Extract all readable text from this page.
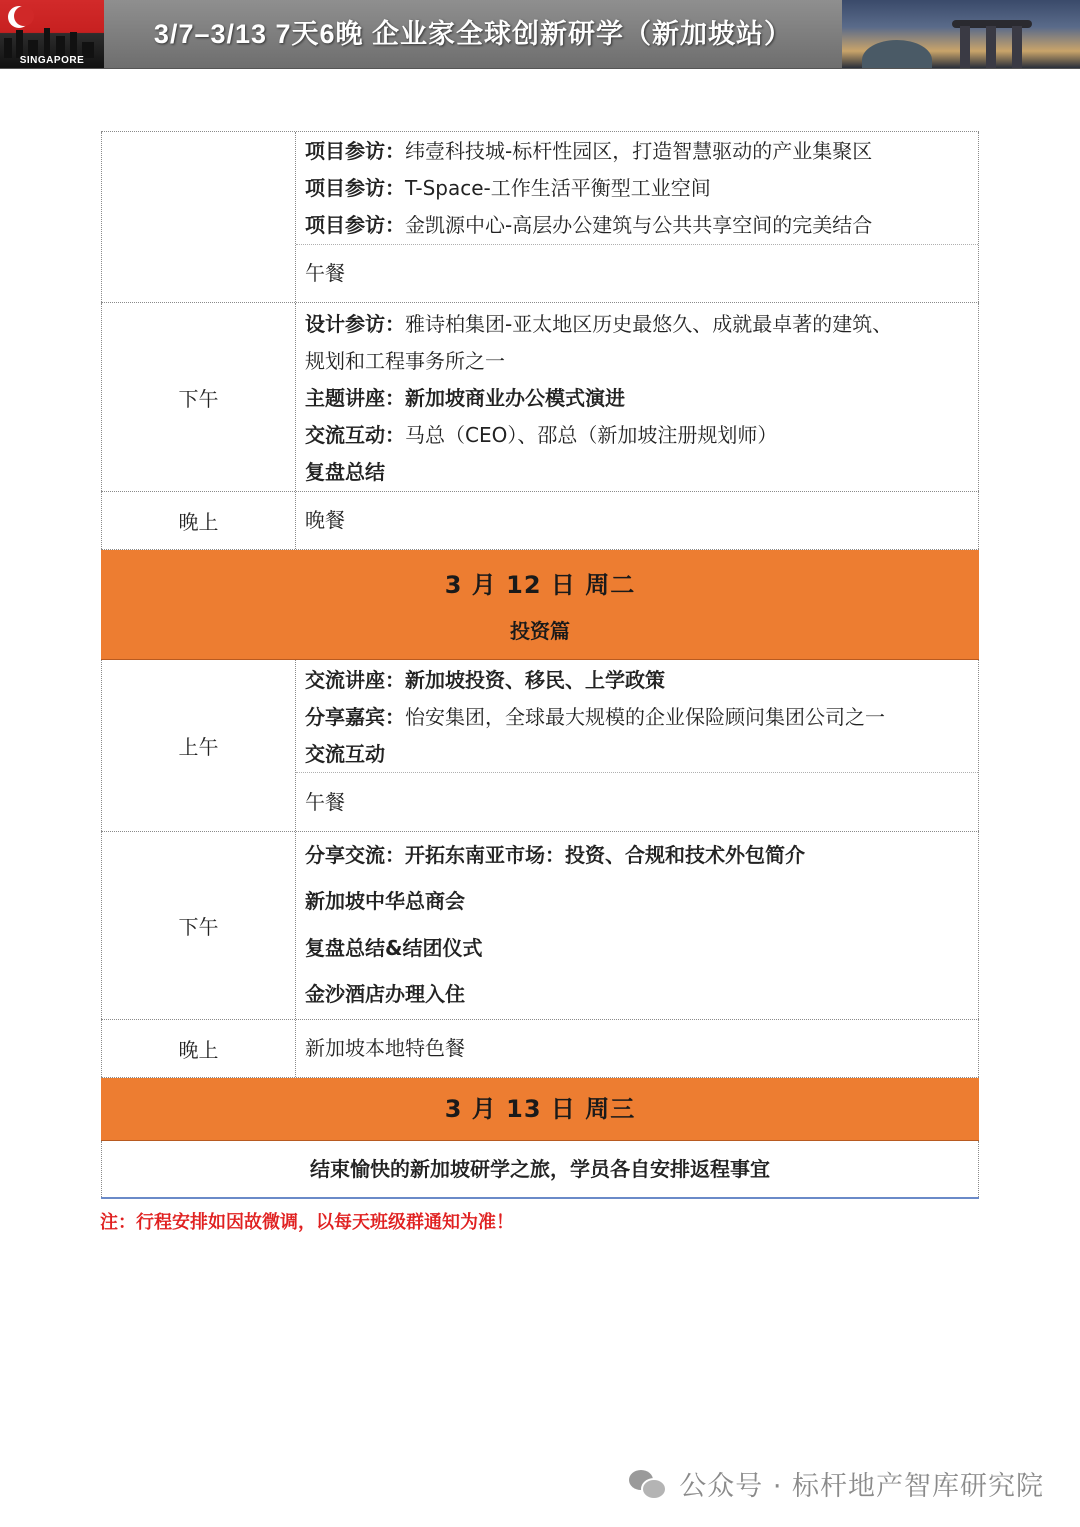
SINGAPORE
3/7–3/13 7天6晚 企业家全球创新研学（新加坡站）
项目参访：纬壹科技城-标杆性园区，打造智慧驱动的产业集聚区
项目参访：T-Space-工作生活平衡型工业空间
项目参访：金凯源中心-高层办公建筑与公共共享空间的完美结合
午餐
下午
设计参访：雅诗柏集团-亚太地区历史最悠久、成就最卓著的建筑、
规划和工程事务所之一
主题讲座：新加坡商业办公模式演进
交流互动：马总（CEO）、邵总（新加坡注册规划师）
复盘总结
晚上	晚餐
3 月 12 日 周二
投资篇
上午
交流讲座：新加坡投资、移民、上学政策
分享嘉宾：怡安集团，全球最大规模的企业保险顾问集团公司之一
交流互动
午餐
下午
分享交流：开拓东南亚市场：投资、合规和技术外包简介
新加坡中华总商会
复盘总结&结团仪式
金沙酒店办理入住
晚上	新加坡本地特色餐
3 月 13 日 周三
结束愉快的新加坡研学之旅，学员各自安排返程事宜
注：行程安排如因故微调，以每天班级群通知为准！
公众号 · 标杆地产智库研究院
